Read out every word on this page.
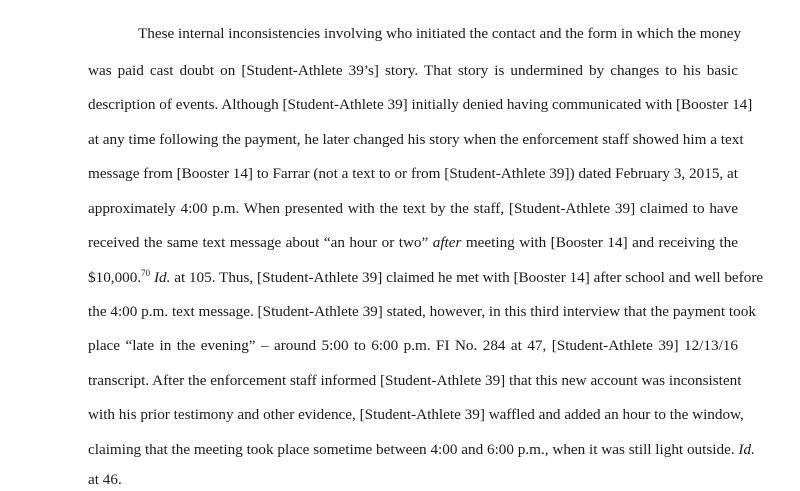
These internal inconsistencies involving who initiated the contact and the form in which the money
was paid cast doubt on [Student-Athlete 39’s] story. That story is undermined by changes to his basic
description of events. Although [Student-Athlete 39] initially denied having communicated with [Booster 14]
at any time following the payment, he later changed his story when the enforcement staff showed him a text
message from [Booster 14] to Farrar (not a text to or from [Student-Athlete 39]) dated February 3, 2015, at
approximately 4:00 p.m. When presented with the text by the staff, [Student-Athlete 39] claimed to have
received the same text message about “an hour or two” after meeting with [Booster 14] and receiving the
$10,000.70 Id. at 105. Thus, [Student-Athlete 39] claimed he met with [Booster 14] after school and well before
the 4:00 p.m. text message. [Student-Athlete 39] stated, however, in this third interview that the payment took
place “late in the evening” – around 5:00 to 6:00 p.m. FI No. 284 at 47, [Student-Athlete 39] 12/13/16
transcript. After the enforcement staff informed [Student-Athlete 39] that this new account was inconsistent
with his prior testimony and other evidence, [Student-Athlete 39] waffled and added an hour to the window,
claiming that the meeting took place sometime between 4:00 and 6:00 p.m., when it was still light outside. Id.
at 46.
